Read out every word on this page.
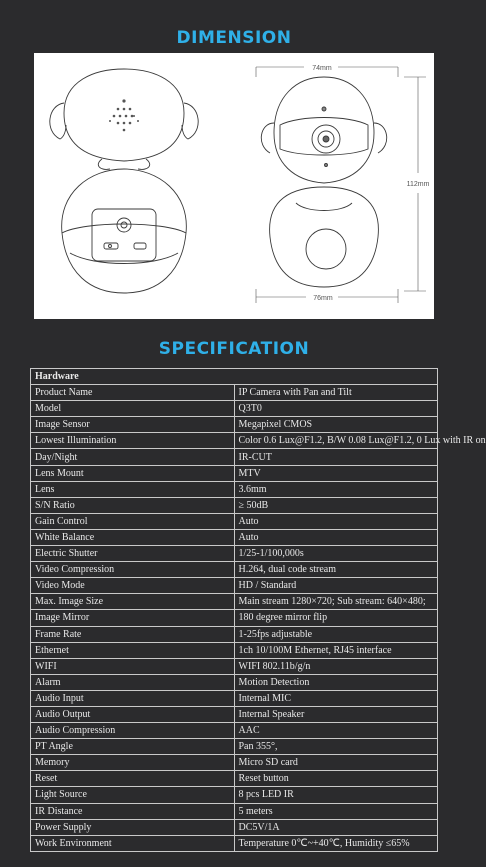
DIMENSION
74mm
112mm
76mm
SPECIFICATION
Hardware	
Product Name	IP Camera with Pan and Tilt
Model	Q3T0
Image Sensor	Megapixel CMOS
Lowest Illumination	Color 0.6 Lux@F1.2, B/W 0.08 Lux@F1.2, 0 Lux with IR on
Day/Night	IR-CUT
Lens Mount	MTV
Lens	3.6mm
S/N Ratio	≥ 50dB
Gain Control	Auto
White Balance	Auto
Electric Shutter	1/25-1/100,000s
Video Compression	H.264, dual code stream
Video Mode	HD / Standard
Max. Image Size	Main stream 1280×720; Sub stream: 640×480;
Image Mirror	180 degree mirror flip
Frame Rate	1-25fps adjustable
Ethernet	1ch 10/100M Ethernet, RJ45 interface
WIFI	WIFI 802.11b/g/n
Alarm	Motion Detection
Audio Input	Internal MIC
Audio Output	Internal Speaker
Audio Compression	AAC
PT Angle	Pan 355°,
Memory	Micro SD card
Reset	Reset button
Light Source	8 pcs LED IR
IR Distance	5 meters
Power Supply	DC5V/1A
Work Environment	Temperature 0℃~+40℃, Humidity ≤65%
